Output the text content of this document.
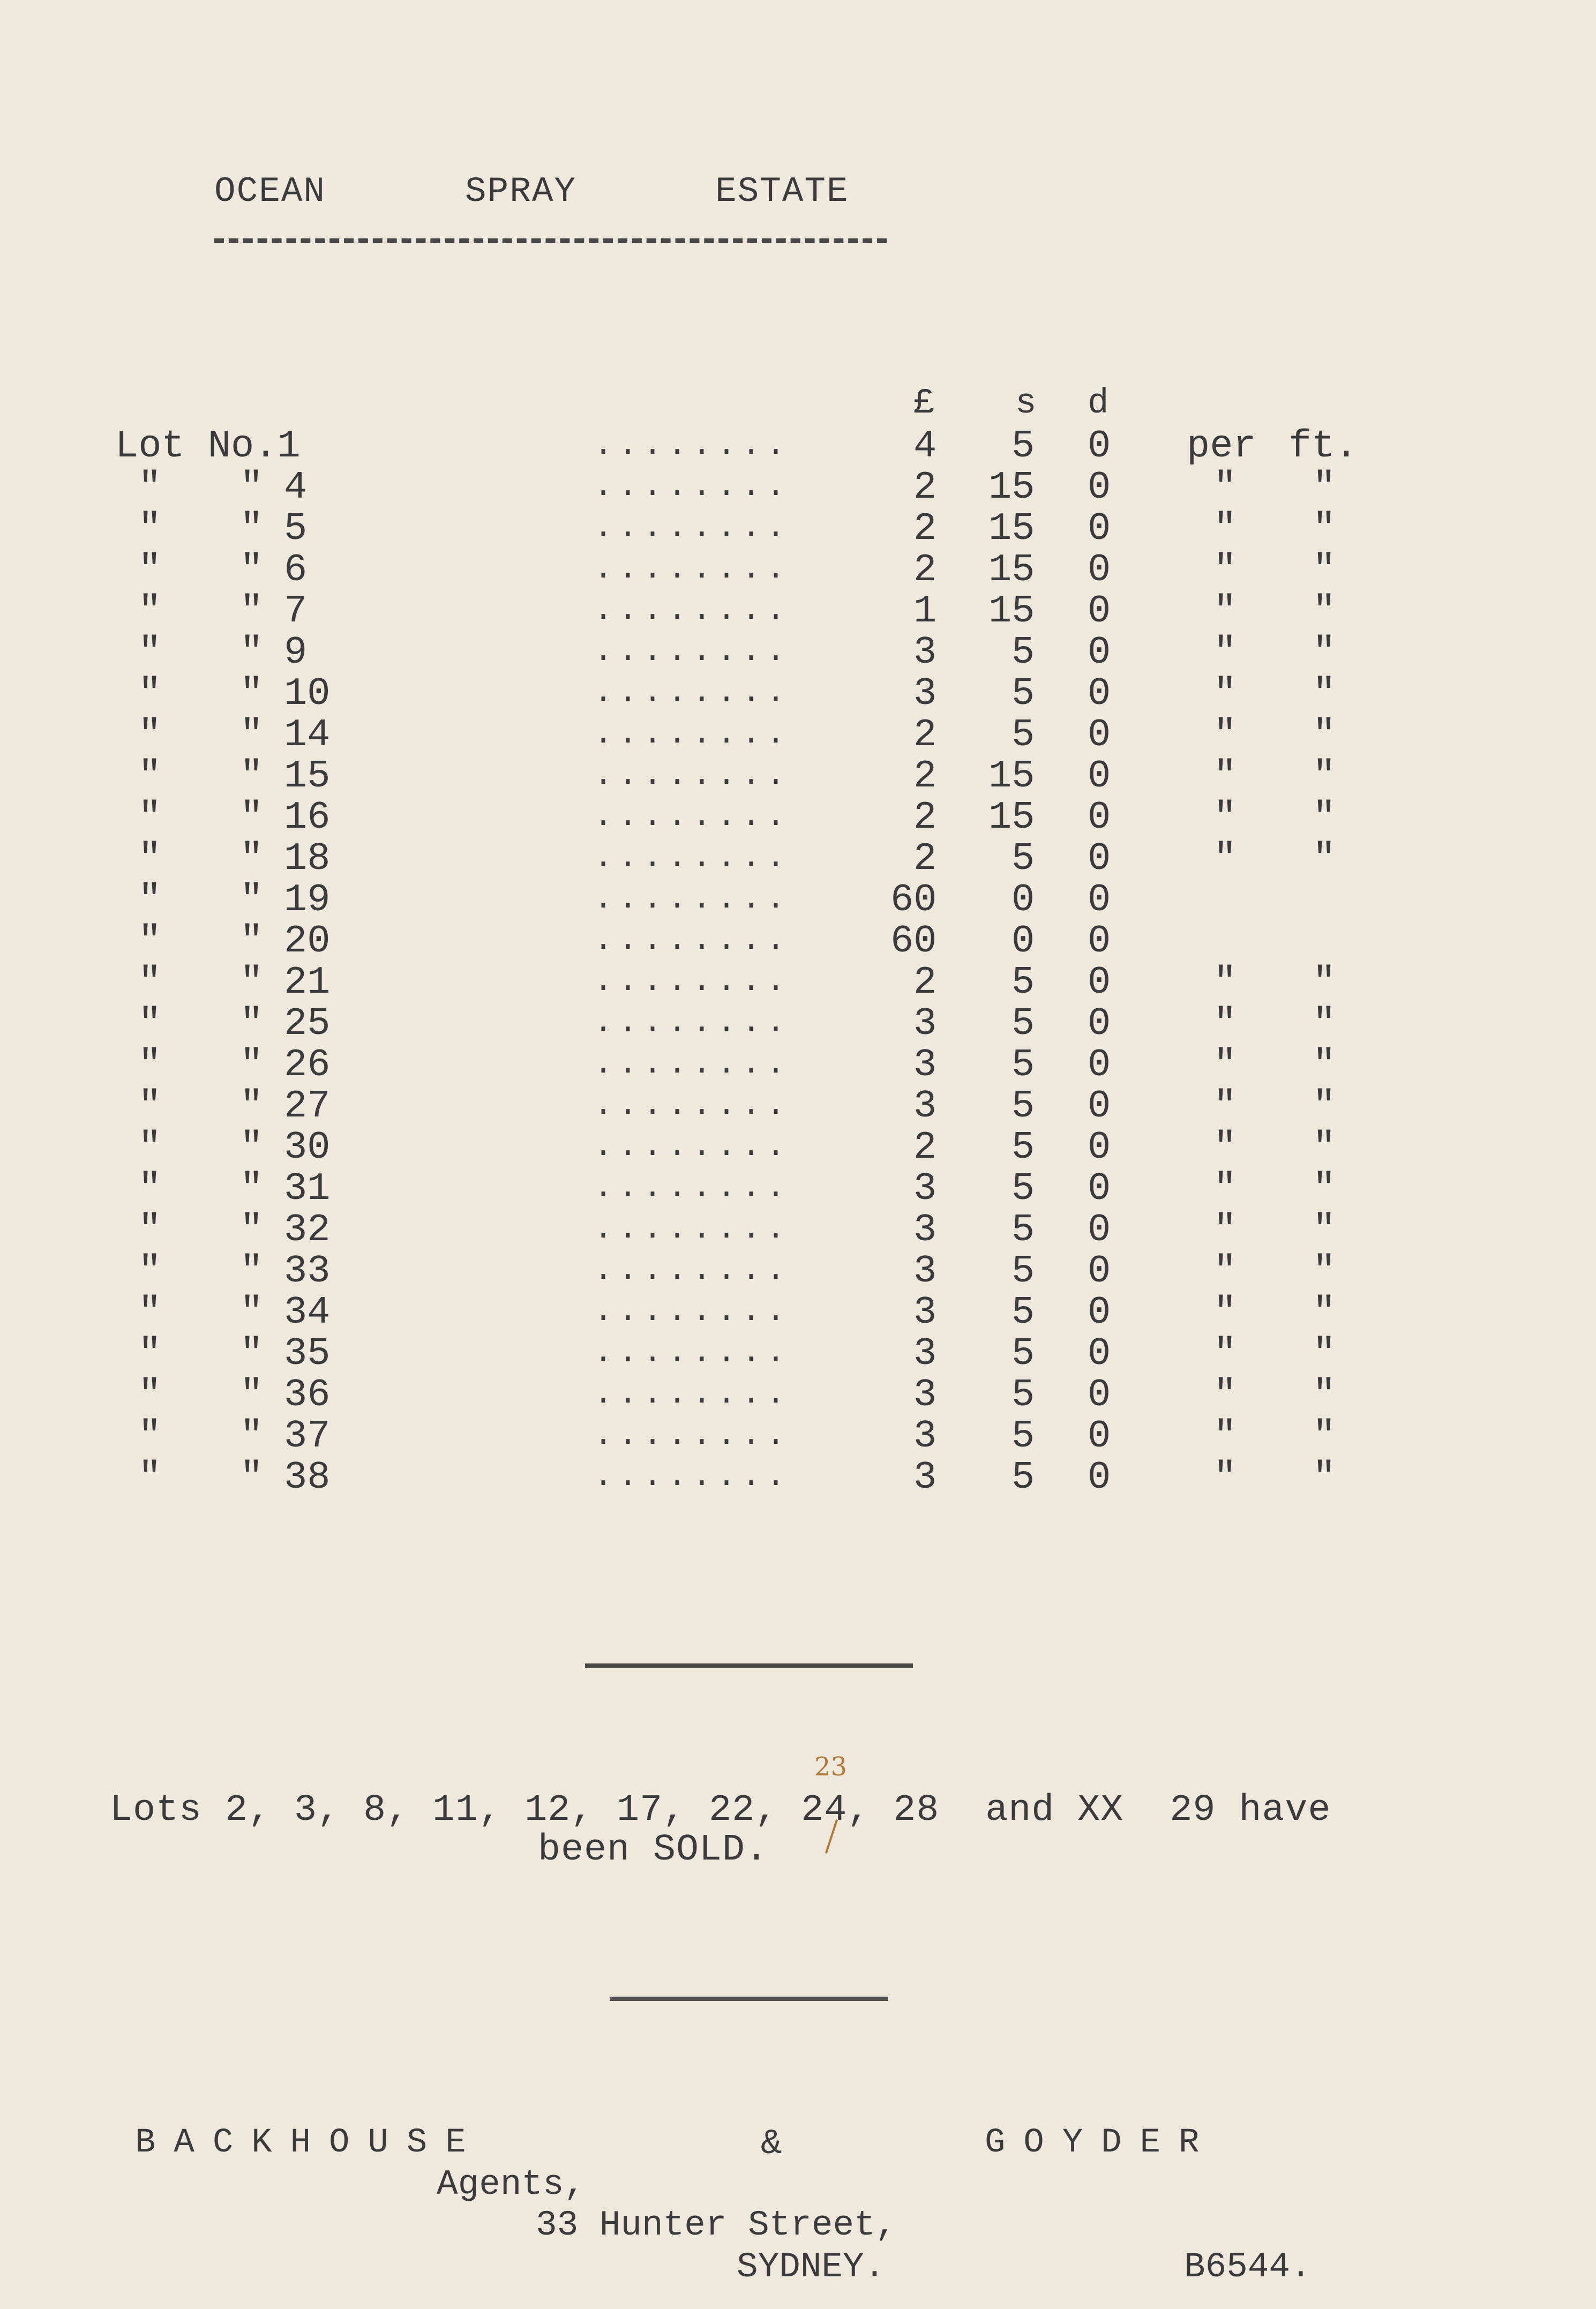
OCEAN	SPRAY	ESTATE
£ s d
Lot No.1	........	4 5 0 per ft.
" " 4	........	2 15 0	" "
" " 5	........	2 15 0	" "
" " 6	........	2 15 0	" "
" " 7	........	1 15 0	" "
" " 9	........	3 5 0	" "
" " 10	........	3 5 0	" "
" " 14	........	2 5 0	" "
" " 15	........	2 15 0	" "
" " 16	........	2 15 0	" "
" " 18	........	2 5 0	" "
" " 19	........	60 0 0
" " 20	........	60 0 0
" " 21	........	2 5 0	" "
" " 25	........	3 5 0	" "
" " 26	........	3 5 0	" "
" " 27	........	3 5 0	" "
" " 30	........	2 5 0	" "
" " 31	........	3 5 0	" "
" " 32	........	3 5 0	" "
" " 33	........	3 5 0	" "
" " 34	........	3 5 0	" "
" " 35	........	3 5 0	" "
" " 36	........	3 5 0	" "
" " 37	........	3 5 0	" "
" " 38	........	3 5 0	" "
23
Lots 2, 3, 8, 11, 12, 17, 22, 24, 28  and XX  29 have
been SOLD.
BACKHOUSE	&	GOYDER
Agents,
33 Hunter Street,
SYDNEY.	B6544.
